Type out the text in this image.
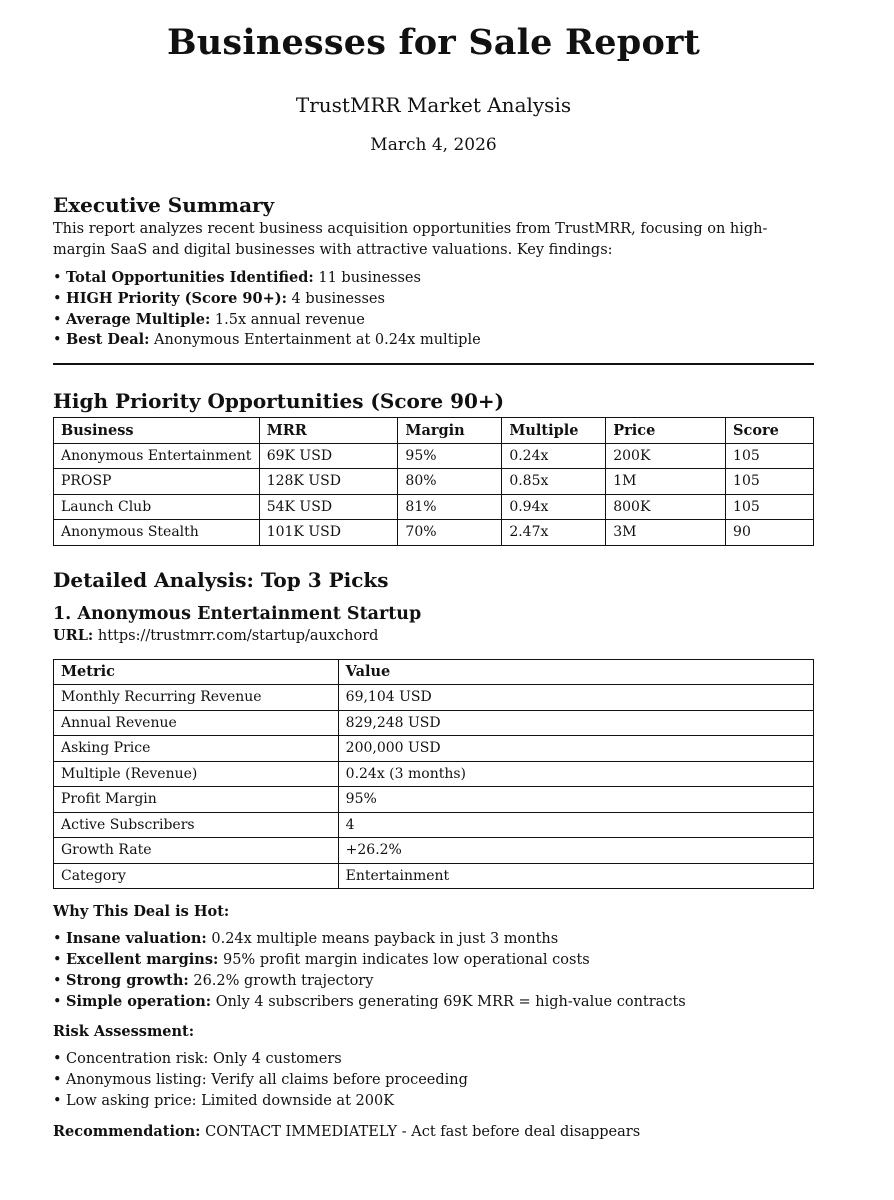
Businesses for Sale Report
TrustMRR Market Analysis
March 4, 2026
Executive Summary

This report analyzes recent business acquisition opportunities from TrustMRR, focusing on high-margin SaaS and digital businesses with attractive valuations. Key findings:

• Total Opportunities Identified: 11 businesses
• HIGH Priority (Score 90+): 4 businesses
• Average Multiple: 1.5x annual revenue
• Best Deal: Anonymous Entertainment at 0.24x multiple
High Priority Opportunities (Score 90+)
Business	MRR	Margin	Multiple	Price	Score
Anonymous Entertainment	69K USD	95%	0.24x	200K	105
PROSP	128K USD	80%	0.85x	1M	105
Launch Club	54K USD	81%	0.94x	800K	105
Anonymous Stealth	101K USD	70%	2.47x	3M	90
Detailed Analysis: Top 3 Picks
1. Anonymous Entertainment Startup

URL: https://trustmrr.com/startup/auxchord

Metric	Value
Monthly Recurring Revenue	69,104 USD
Annual Revenue	829,248 USD
Asking Price	200,000 USD
Multiple (Revenue)	0.24x (3 months)
Profit Margin	95%
Active Subscribers	4
Growth Rate	+26.2%
Category	Entertainment
Why This Deal is Hot:
• Insane valuation: 0.24x multiple means payback in just 3 months
• Excellent margins: 95% profit margin indicates low operational costs
• Strong growth: 26.2% growth trajectory
• Simple operation: Only 4 subscribers generating 69K MRR = high-value contracts
Risk Assessment:
• Concentration risk: Only 4 customers
• Anonymous listing: Verify all claims before proceeding
• Low asking price: Limited downside at 200K

Recommendation: CONTACT IMMEDIATELY - Act fast before deal disappears
